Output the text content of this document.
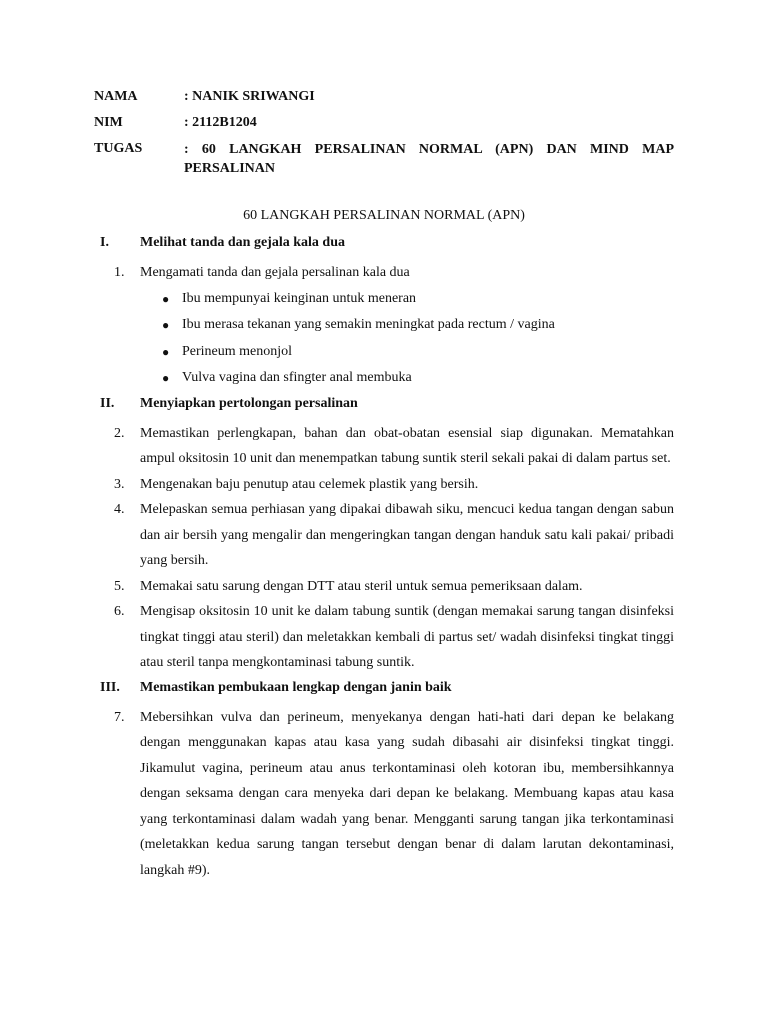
NAMA	: NANIK SRIWANGI
NIM	: 2112B1204
TUGAS	:  60  LANGKAH  PERSALINAN  NORMAL  (APN)  DAN  MIND  MAP PERSALINAN
60 LANGKAH PERSALINAN NORMAL (APN)
I.	Melihat tanda dan gejala kala dua
1.	Mengamati tanda dan gejala persalinan kala dua
● Ibu mempunyai keinginan untuk meneran
● Ibu merasa tekanan yang semakin meningkat pada rectum / vagina
● Perineum menonjol
● Vulva vagina dan sfingter anal membuka
II.	Menyiapkan pertolongan persalinan
2.	Memastikan perlengkapan, bahan dan obat-obatan esensial siap digunakan. Mematahkan ampul oksitosin 10 unit dan menempatkan tabung suntik steril sekali pakai di dalam partus set.
3.	Mengenakan baju penutup atau celemek plastik yang bersih.
4.	Melepaskan semua perhiasan yang dipakai dibawah siku, mencuci kedua tangan dengan sabun dan air bersih yang mengalir dan mengeringkan tangan dengan handuk satu kali pakai/ pribadi yang bersih.
5.	Memakai satu sarung dengan DTT atau steril untuk semua pemeriksaan dalam.
6.	Mengisap oksitosin 10 unit ke dalam tabung suntik (dengan memakai sarung tangan disinfeksi tingkat tinggi atau steril) dan meletakkan kembali di partus set/ wadah disinfeksi tingkat tinggi atau steril tanpa mengkontaminasi tabung suntik.
III.	Memastikan pembukaan lengkap dengan janin baik
7.	Mebersihkan vulva dan perineum, menyekanya dengan hati-hati dari depan ke belakang dengan menggunakan kapas atau kasa yang sudah dibasahi air disinfeksi tingkat tinggi. Jikamulut vagina, perineum atau anus terkontaminasi oleh kotoran ibu, membersihkannya dengan seksama dengan cara menyeka dari depan ke belakang. Membuang kapas atau kasa yang terkontaminasi dalam wadah yang benar. Mengganti sarung tangan jika terkontaminasi (meletakkan kedua sarung tangan tersebut dengan benar di dalam larutan dekontaminasi, langkah #9).
